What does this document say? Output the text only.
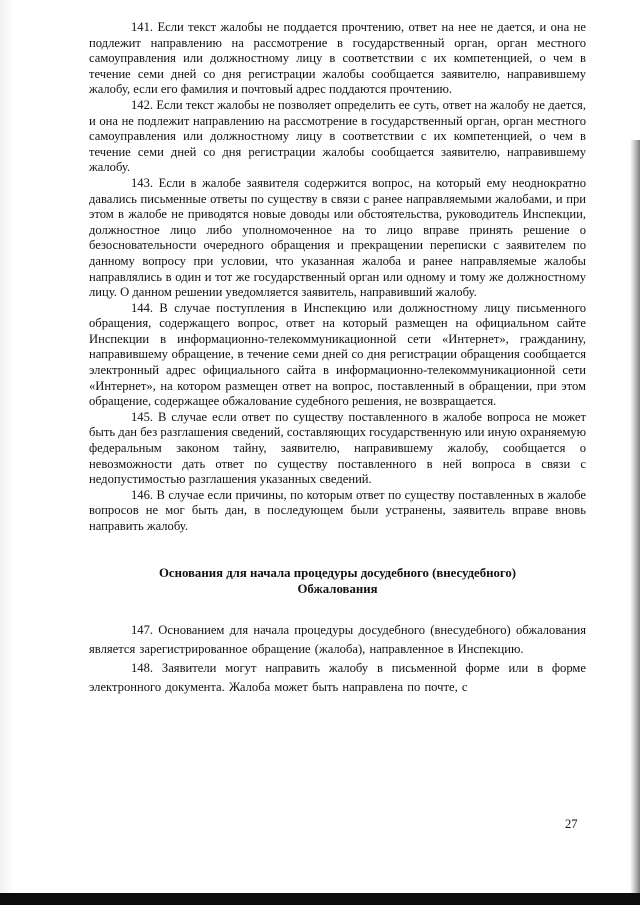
141. Если текст жалобы не поддается прочтению, ответ на нее не дается, и она не подлежит направлению на рассмотрение в государственный орган, орган местного самоуправления или должностному лицу в соответствии с их компетенцией, о чем в течение семи дней со дня регистрации жалобы сообщается заявителю, направившему жалобу, если его фамилия и почтовый адрес поддаются прочтению.

142. Если текст жалобы не позволяет определить ее суть, ответ на жалобу не дается, и она не подлежит направлению на рассмотрение в государственный орган, орган местного самоуправления или должностному лицу в соответствии с их компетенцией, о чем в течение семи дней со дня регистрации жалобы сообщается заявителю, направившему жалобу.

143. Если в жалобе заявителя содержится вопрос, на который ему неоднократно давались письменные ответы по существу в связи с ранее направляемыми жалобами, и при этом в жалобе не приводятся новые доводы или обстоятельства, руководитель Инспекции, должностное лицо либо уполномоченное на то лицо вправе принять решение о безосновательности очередного обращения и прекращении переписки с заявителем по данному вопросу при условии, что указанная жалоба и ранее направляемые жалобы направлялись в один и тот же государственный орган или одному и тому же должностному лицу. О данном решении уведомляется заявитель, направивший жалобу.

144. В случае поступления в Инспекцию или должностному лицу письменного обращения, содержащего вопрос, ответ на который размещен на официальном сайте Инспекции в информационно-телекоммуникационной сети «Интернет», гражданину, направившему обращение, в течение семи дней со дня регистрации обращения сообщается электронный адрес официального сайта в информационно-телекоммуникационной сети «Интернет», на котором размещен ответ на вопрос, поставленный в обращении, при этом обращение, содержащее обжалование судебного решения, не возвращается.

145. В случае если ответ по существу поставленного в жалобе вопроса не может быть дан без разглашения сведений, составляющих государственную или иную охраняемую федеральным законом тайну, заявителю, направившему жалобу, сообщается о невозможности дать ответ по существу поставленного в ней вопроса в связи с недопустимостью разглашения указанных сведений.

146. В случае если причины, по которым ответ по существу поставленных в жалобе вопросов не мог быть дан, в последующем были устранены, заявитель вправе вновь направить жалобу.

Основания для начала процедуры досудебного (внесудебного)
Обжалования

147. Основанием для начала процедуры досудебного (внесудебного) обжалования является зарегистрированное обращение (жалоба), направленное в Инспекцию.

148. Заявители могут направить жалобу в письменной форме или в форме электронного документа. Жалоба может быть направлена по почте, с

27
